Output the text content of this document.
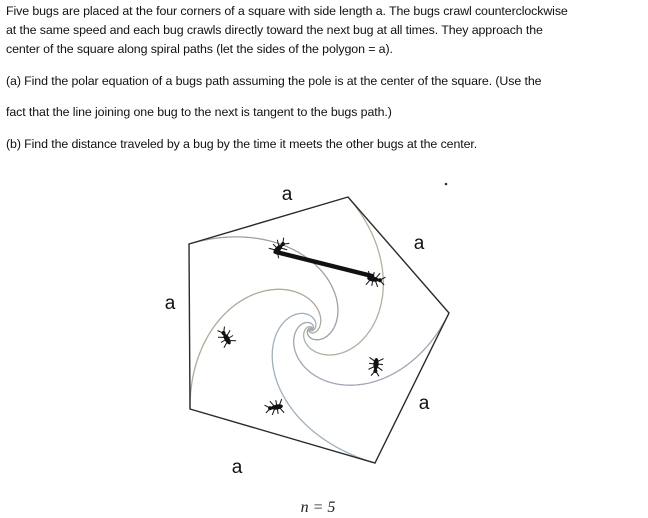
Five bugs are placed at the four corners of a square with side length a. The bugs crawl counterclockwise
at the same speed and each bug crawls directly toward the next bug at all times. They approach the
center of the square along spiral paths (let the sides of the polygon = a).
(a) Find the polar equation of a bugs path assuming the pole is at the center of the square. (Use the
fact that the line joining one bug to the next is tangent to the bugs path.)
(b) Find the distance traveled by a bug by the time it meets the other bugs at the center.
a
a
a
a
a
n = 5
